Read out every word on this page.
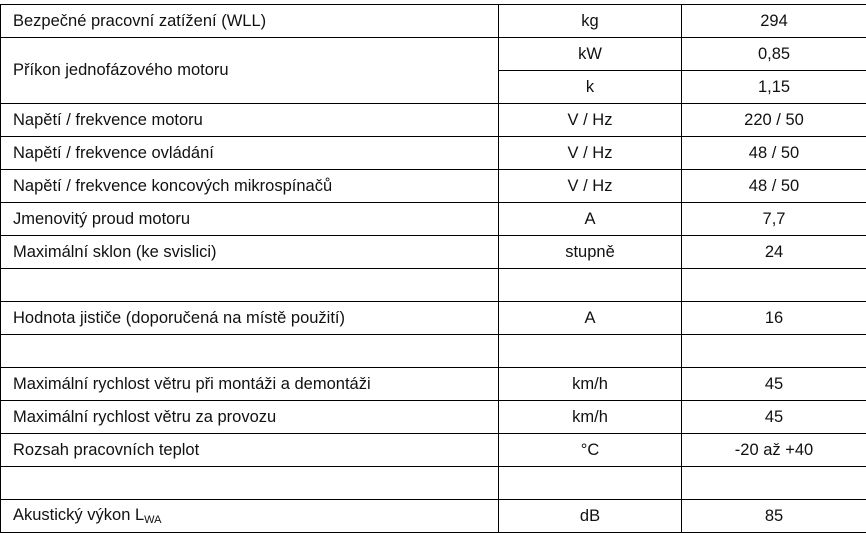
Bezpečné pracovní zatížení (WLL)	kg	294
Příkon jednofázového motoru	kW	0,85
	k	1,15
Napětí / frekvence motoru	V / Hz	220 / 50
Napětí / frekvence ovládání	V / Hz	48 / 50
Napětí / frekvence koncových mikrospínačů	V / Hz	48 / 50
Jmenovitý proud motoru	A	7,7
Maximální sklon (ke svislici)	stupně	24

Hodnota jističe (doporučená na místě použití)	A	16

Maximální rychlost větru při montáži a demontáži	km/h	45
Maximální rychlost větru za provozu	km/h	45
Rozsah pracovních teplot	°C	-20 až +40

Akustický výkon $L_{WA}$	dB	85
